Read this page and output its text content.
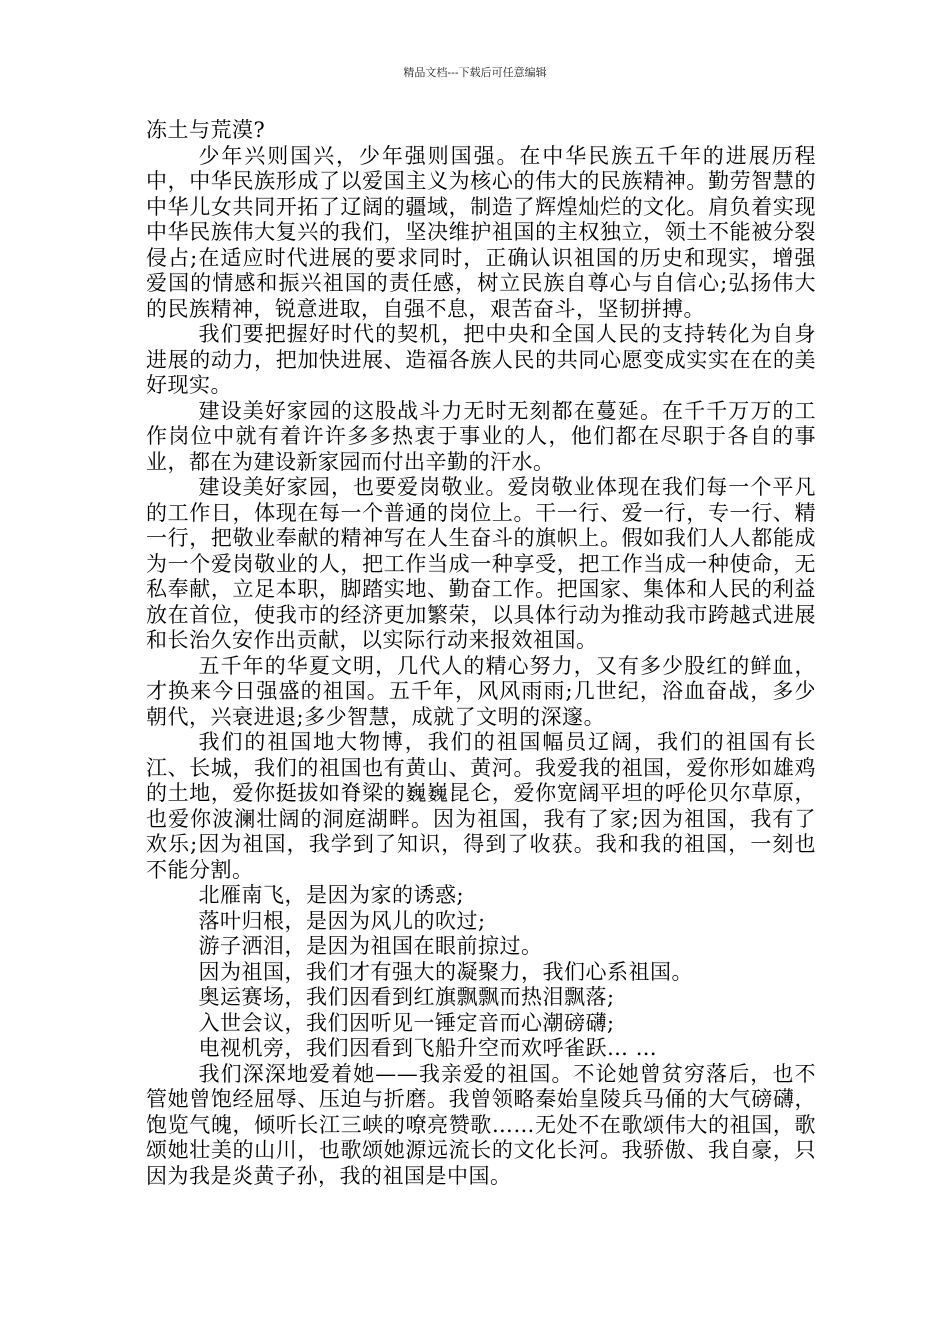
精品文档---下载后可任意编辑

冻土与荒漠?

少年兴则国兴，少年强则国强。在中华民族五千年的进展历程中，中华民族形成了以爱国主义为核心的伟大的民族精神。勤劳智慧的中华儿女共同开拓了辽阔的疆域，制造了辉煌灿烂的文化。肩负着实现中华民族伟大复兴的我们，坚决维护祖国的主权独立，领土不能被分裂侵占;在适应时代进展的要求同时，正确认识祖国的历史和现实，增强爱国的情感和振兴祖国的责任感，树立民族自尊心与自信心;弘扬伟大的民族精神，锐意进取，自强不息，艰苦奋斗，坚韧拼搏。

我们要把握好时代的契机，把中央和全国人民的支持转化为自身进展的动力，把加快进展、造福各族人民的共同心愿变成实实在在的美好现实。

建设美好家园的这股战斗力无时无刻都在蔓延。在千千万万的工作岗位中就有着许许多多热衷于事业的人，他们都在尽职于各自的事业，都在为建设新家园而付出辛勤的汗水。

建设美好家园，也要爱岗敬业。爱岗敬业体现在我们每一个平凡的工作日，体现在每一个普通的岗位上。干一行、爱一行，专一行、精一行，把敬业奉献的精神写在人生奋斗的旗帜上。假如我们人人都能成为一个爱岗敬业的人，把工作当成一种享受，把工作当成一种使命，无私奉献，立足本职，脚踏实地、勤奋工作。把国家、集体和人民的利益放在首位，使我市的经济更加繁荣，以具体行动为推动我市跨越式进展和长治久安作出贡献，以实际行动来报效祖国。

五千年的华夏文明，几代人的精心努力，又有多少股红的鲜血，才换来今日强盛的祖国。五千年，风风雨雨;几世纪，浴血奋战，多少朝代，兴衰进退;多少智慧，成就了文明的深邃。

我们的祖国地大物博，我们的祖国幅员辽阔，我们的祖国有长江、长城，我们的祖国也有黄山、黄河。我爱我的祖国，爱你形如雄鸡的土地，爱你挺拔如脊梁的巍巍昆仑，爱你宽阔平坦的呼伦贝尔草原，也爱你波澜壮阔的洞庭湖畔。因为祖国，我有了家;因为祖国，我有了欢乐;因为祖国，我学到了知识，得到了收获。我和我的祖国，一刻也不能分割。

北雁南飞，是因为家的诱惑;

落叶归根，是因为风儿的吹过;

游子洒泪，是因为祖国在眼前掠过。

因为祖国，我们才有强大的凝聚力，我们心系祖国。

奥运赛场，我们因看到红旗飘飘而热泪飘落;

入世会议，我们因听见一锤定音而心潮磅礴;

电视机旁，我们因看到飞船升空而欢呼雀跃… …

我们深深地爱着她——我亲爱的祖国。不论她曾贫穷落后，也不管她曾饱经屈辱、压迫与折磨。我曾领略秦始皇陵兵马俑的大气磅礴，饱览气魄，倾听长江三峡的嘹亮赞歌……无处不在歌颂伟大的祖国，歌颂她壮美的山川，也歌颂她源远流长的文化长河。我骄傲、我自豪，只因为我是炎黄子孙，我的祖国是中国。
